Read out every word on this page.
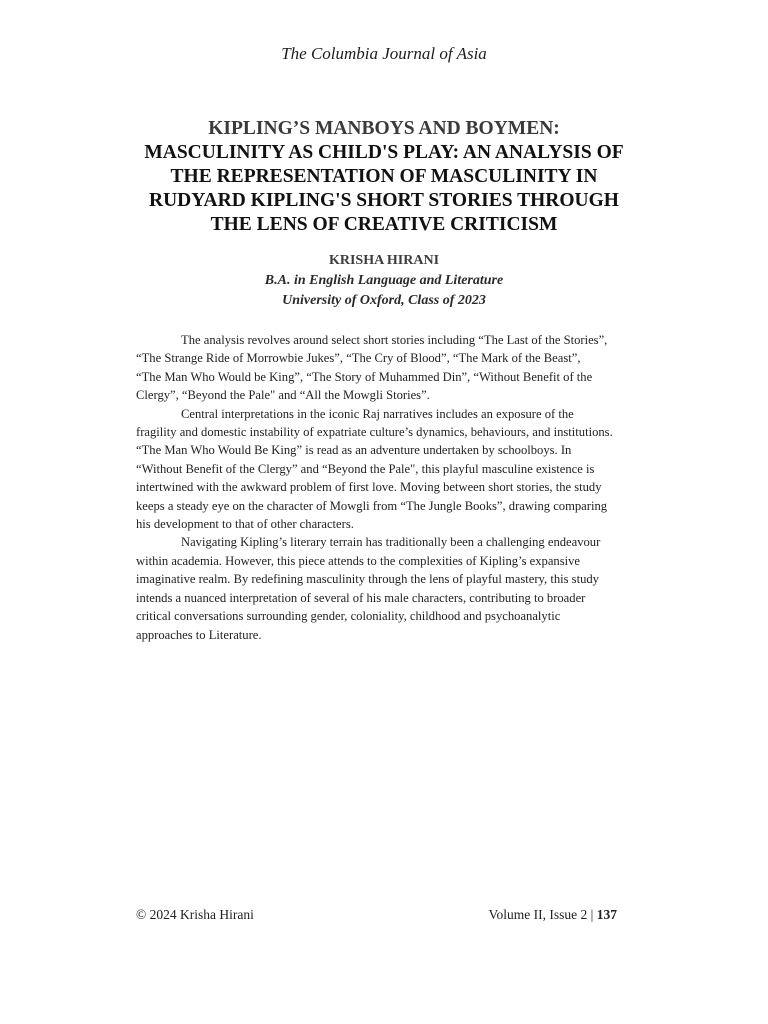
The Columbia Journal of Asia
KIPLING’S MANBOYS AND BOYMEN:
MASCULINITY AS CHILD'S PLAY: AN ANALYSIS OF
THE REPRESENTATION OF MASCULINITY IN
RUDYARD KIPLING'S SHORT STORIES THROUGH
THE LENS OF CREATIVE CRITICISM
KRISHA HIRANI
B.A. in English Language and Literature
University of Oxford, Class of 2023

The analysis revolves around select short stories including “The Last of the Stories”,
“The Strange Ride of Morrowbie Jukes”, “The Cry of Blood”, “The Mark of the Beast”,
“The Man Who Would be King”, “The Story of Muhammed Din”, “Without Benefit of the
Clergy”, “Beyond the Pale" and “All the Mowgli Stories”.

Central interpretations in the iconic Raj narratives includes an exposure of the
fragility and domestic instability of expatriate culture’s dynamics, behaviours, and institutions.
“The Man Who Would Be King” is read as an adventure undertaken by schoolboys. In
“Without Benefit of the Clergy” and “Beyond the Pale", this playful masculine existence is
intertwined with the awkward problem of first love. Moving between short stories, the study
keeps a steady eye on the character of Mowgli from “The Jungle Books”, drawing comparing
his development to that of other characters.

Navigating Kipling’s literary terrain has traditionally been a challenging endeavour
within academia. However, this piece attends to the complexities of Kipling’s expansive
imaginative realm. By redefining masculinity through the lens of playful mastery, this study
intends a nuanced interpretation of several of his male characters, contributing to broader
critical conversations surrounding gender, coloniality, childhood and psychoanalytic
approaches to Literature.

© 2024 Krisha Hirani	Volume II, Issue 2 | 137
